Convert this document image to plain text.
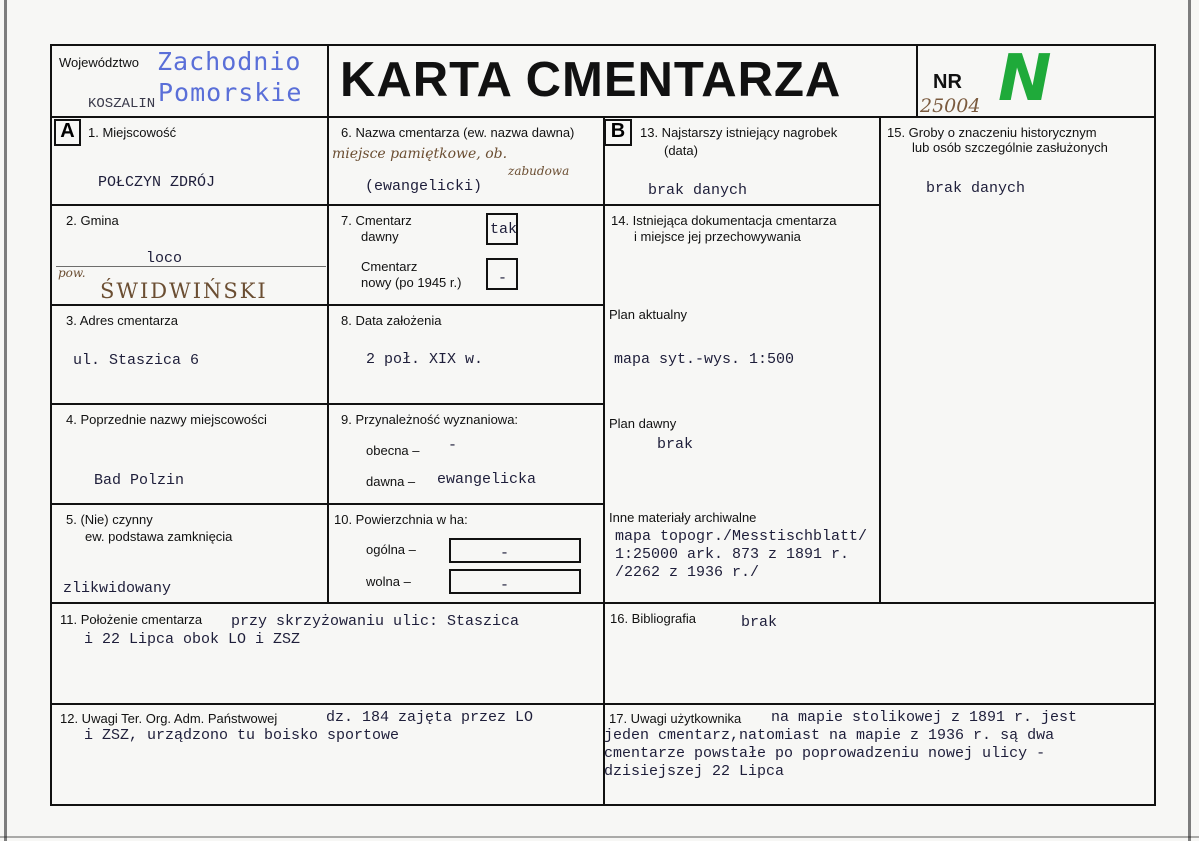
Województwo Zachodnio
Pomorskie
KOSZALIN	KARTA CMENTARZA	NR
25004 N
A	B
1. Miejscowość
POŁCZYN ZDRÓJ
6. Nazwa cmentarza (ew. nazwa dawna)
miejsce pamiętkowe, ob.
zabudowa
(ewangelicki)
13. Najstarszy istniejący nagrobek
(data)
brak danych
15. Groby o znaczeniu historycznym
lub osób szczególnie zasłużonych
brak danych
2. Gmina
loco
pow.
ŚWIDWIŃSKI
7. Cmentarz
dawny	tak
Cmentarz
nowy (po 1945 r.) -
14. Istniejąca dokumentacja cmentarza
i miejsce jej przechowywania
Plan aktualny
mapa syt.-wys. 1:500
Plan dawny
brak
Inne materiały archiwalne
mapa topogr./Messtischblatt/
1:25000 ark. 873 z 1891 r.
/2262 z 1936 r./
3. Adres cmentarza
ul. Staszica 6
8. Data założenia
2 poł. XIX w.
4. Poprzednie nazwy miejscowości
Bad Polzin
9. Przynależność wyznaniowa:
obecna – -
dawna – ewangelicka
5. (Nie) czynny
ew. podstawa zamknięcia
zlikwidowany
10. Powierzchnia w ha:
ogólna –	-
wolna –	-
11. Położenie cmentarza przy skrzyżowaniu ulic: Staszica
i 22 Lipca obok LO i ZSZ
16. Bibliografia	brak
12. Uwagi Ter. Org. Adm. Państwowej	dz. 184 zajęta przez LO
i ZSZ, urządzono tu boisko sportowe
17. Uwagi użytkownika na mapie stolikowej z 1891 r. jest
jeden cmentarz,natomiast na mapie z 1936 r. są dwa
cmentarze powstałe po poprowadzeniu nowej ulicy -
dzisiejszej 22 Lipca
